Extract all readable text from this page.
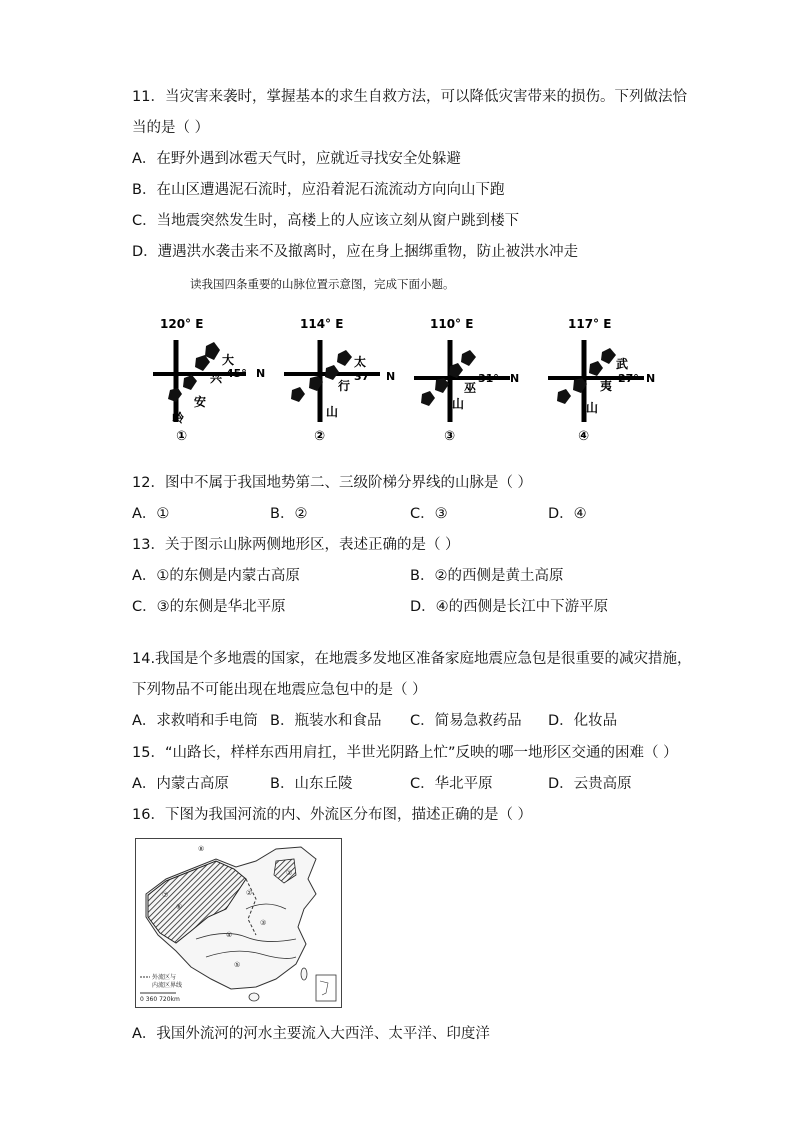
11．当灾害来袭时，掌握基本的求生自救方法，可以降低灾害带来的损伤。下列做法恰
当的是（ ）
A．在野外遇到冰雹天气时，应就近寻找安全处躲避
B．在山区遭遇泥石流时，应沿着泥石流流动方向向山下跑
C．当地震突然发生时，高楼上的人应该立刻从窗户跳到楼下
D．遭遇洪水袭击来不及撤离时，应在身上捆绑重物，防止被洪水冲走
读我国四条重要的山脉位置示意图，完成下面小题。
120° E
45° N
大
兴
安
岭
①
114° E
37° N
太
行
山
②
110° E
31° N
巫
山
③
117° E
27° N
武
夷
山
④
12．图中不属于我国地势第二、三级阶梯分界线的山脉是（ ）
A．①	B．②	C．③	D．④
13．关于图示山脉两侧地形区，表述正确的是（ ）
A．①的东侧是内蒙古高原	B．②的西侧是黄土高原
C．③的东侧是华北平原	D．④的西侧是长江中下游平原
14.我国是个多地震的国家，在地震多发地区准备家庭地震应急包是很重要的减灾措施，
下列物品不可能出现在地震应急包中的是（ ）
A．求救哨和手电筒 B．瓶装水和食品 C．简易急救药品 D．化妆品
15．“山路长，样样东西用肩扛，半世光阴路上忙”反映的哪一地形区交通的困难（ ）
A．内蒙古高原	B．山东丘陵	C．华北平原	D．云贵高原
16．下图为我国河流的内、外流区分布图，描述正确的是（ ）
⑧
①
⑦	②
⑥
③
④
⑤
外流区与
内流区界线
0 360 720km
A．我国外流河的河水主要流入大西洋、太平洋、印度洋
